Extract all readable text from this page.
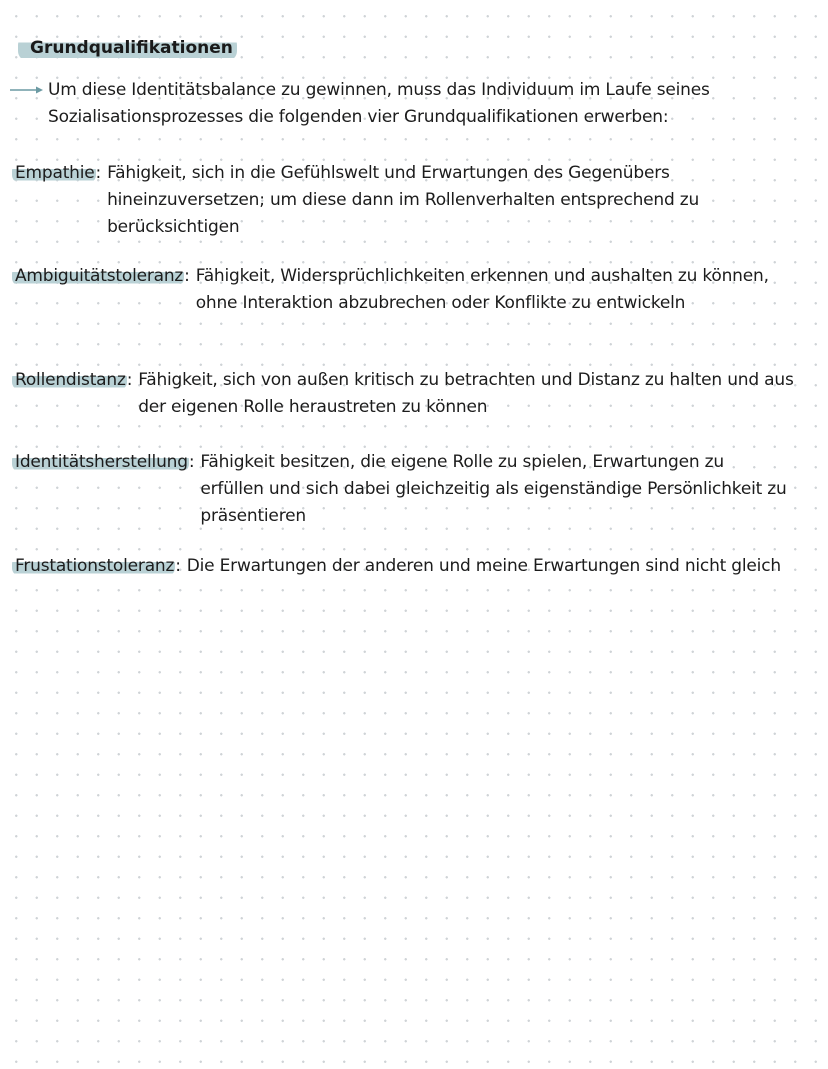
Grundqualifikationen
Um diese Identitätsbalance zu gewinnen, muss das Individuum im Laufe seines Sozialisationsprozesses die folgenden vier Grundqualifikationen erwerben:
Empathie: Fähigkeit, sich in die Gefühlswelt und Erwartungen des Gegenübers hineinzuversetzen; um diese dann im Rollenverhalten entsprechend zu berücksichtigen
Ambiguitätstoleranz: Fähigkeit, Widersprüchlichkeiten erkennen und aushalten zu können, ohne Interaktion abzubrechen oder Konflikte zu entwickeln
Rollendistanz: Fähigkeit, sich von außen kritisch zu betrachten und Distanz zu halten und aus der eigenen Rolle heraustreten zu können
Identitätsherstellung: Fähigkeit besitzen, die eigene Rolle zu spielen, Erwartungen zu erfüllen und sich dabei gleichzeitig als eigenständige Persönlichkeit zu präsentieren
Frustationstoleranz: Die Erwartungen der anderen und meine Erwartungen sind nicht gleich
